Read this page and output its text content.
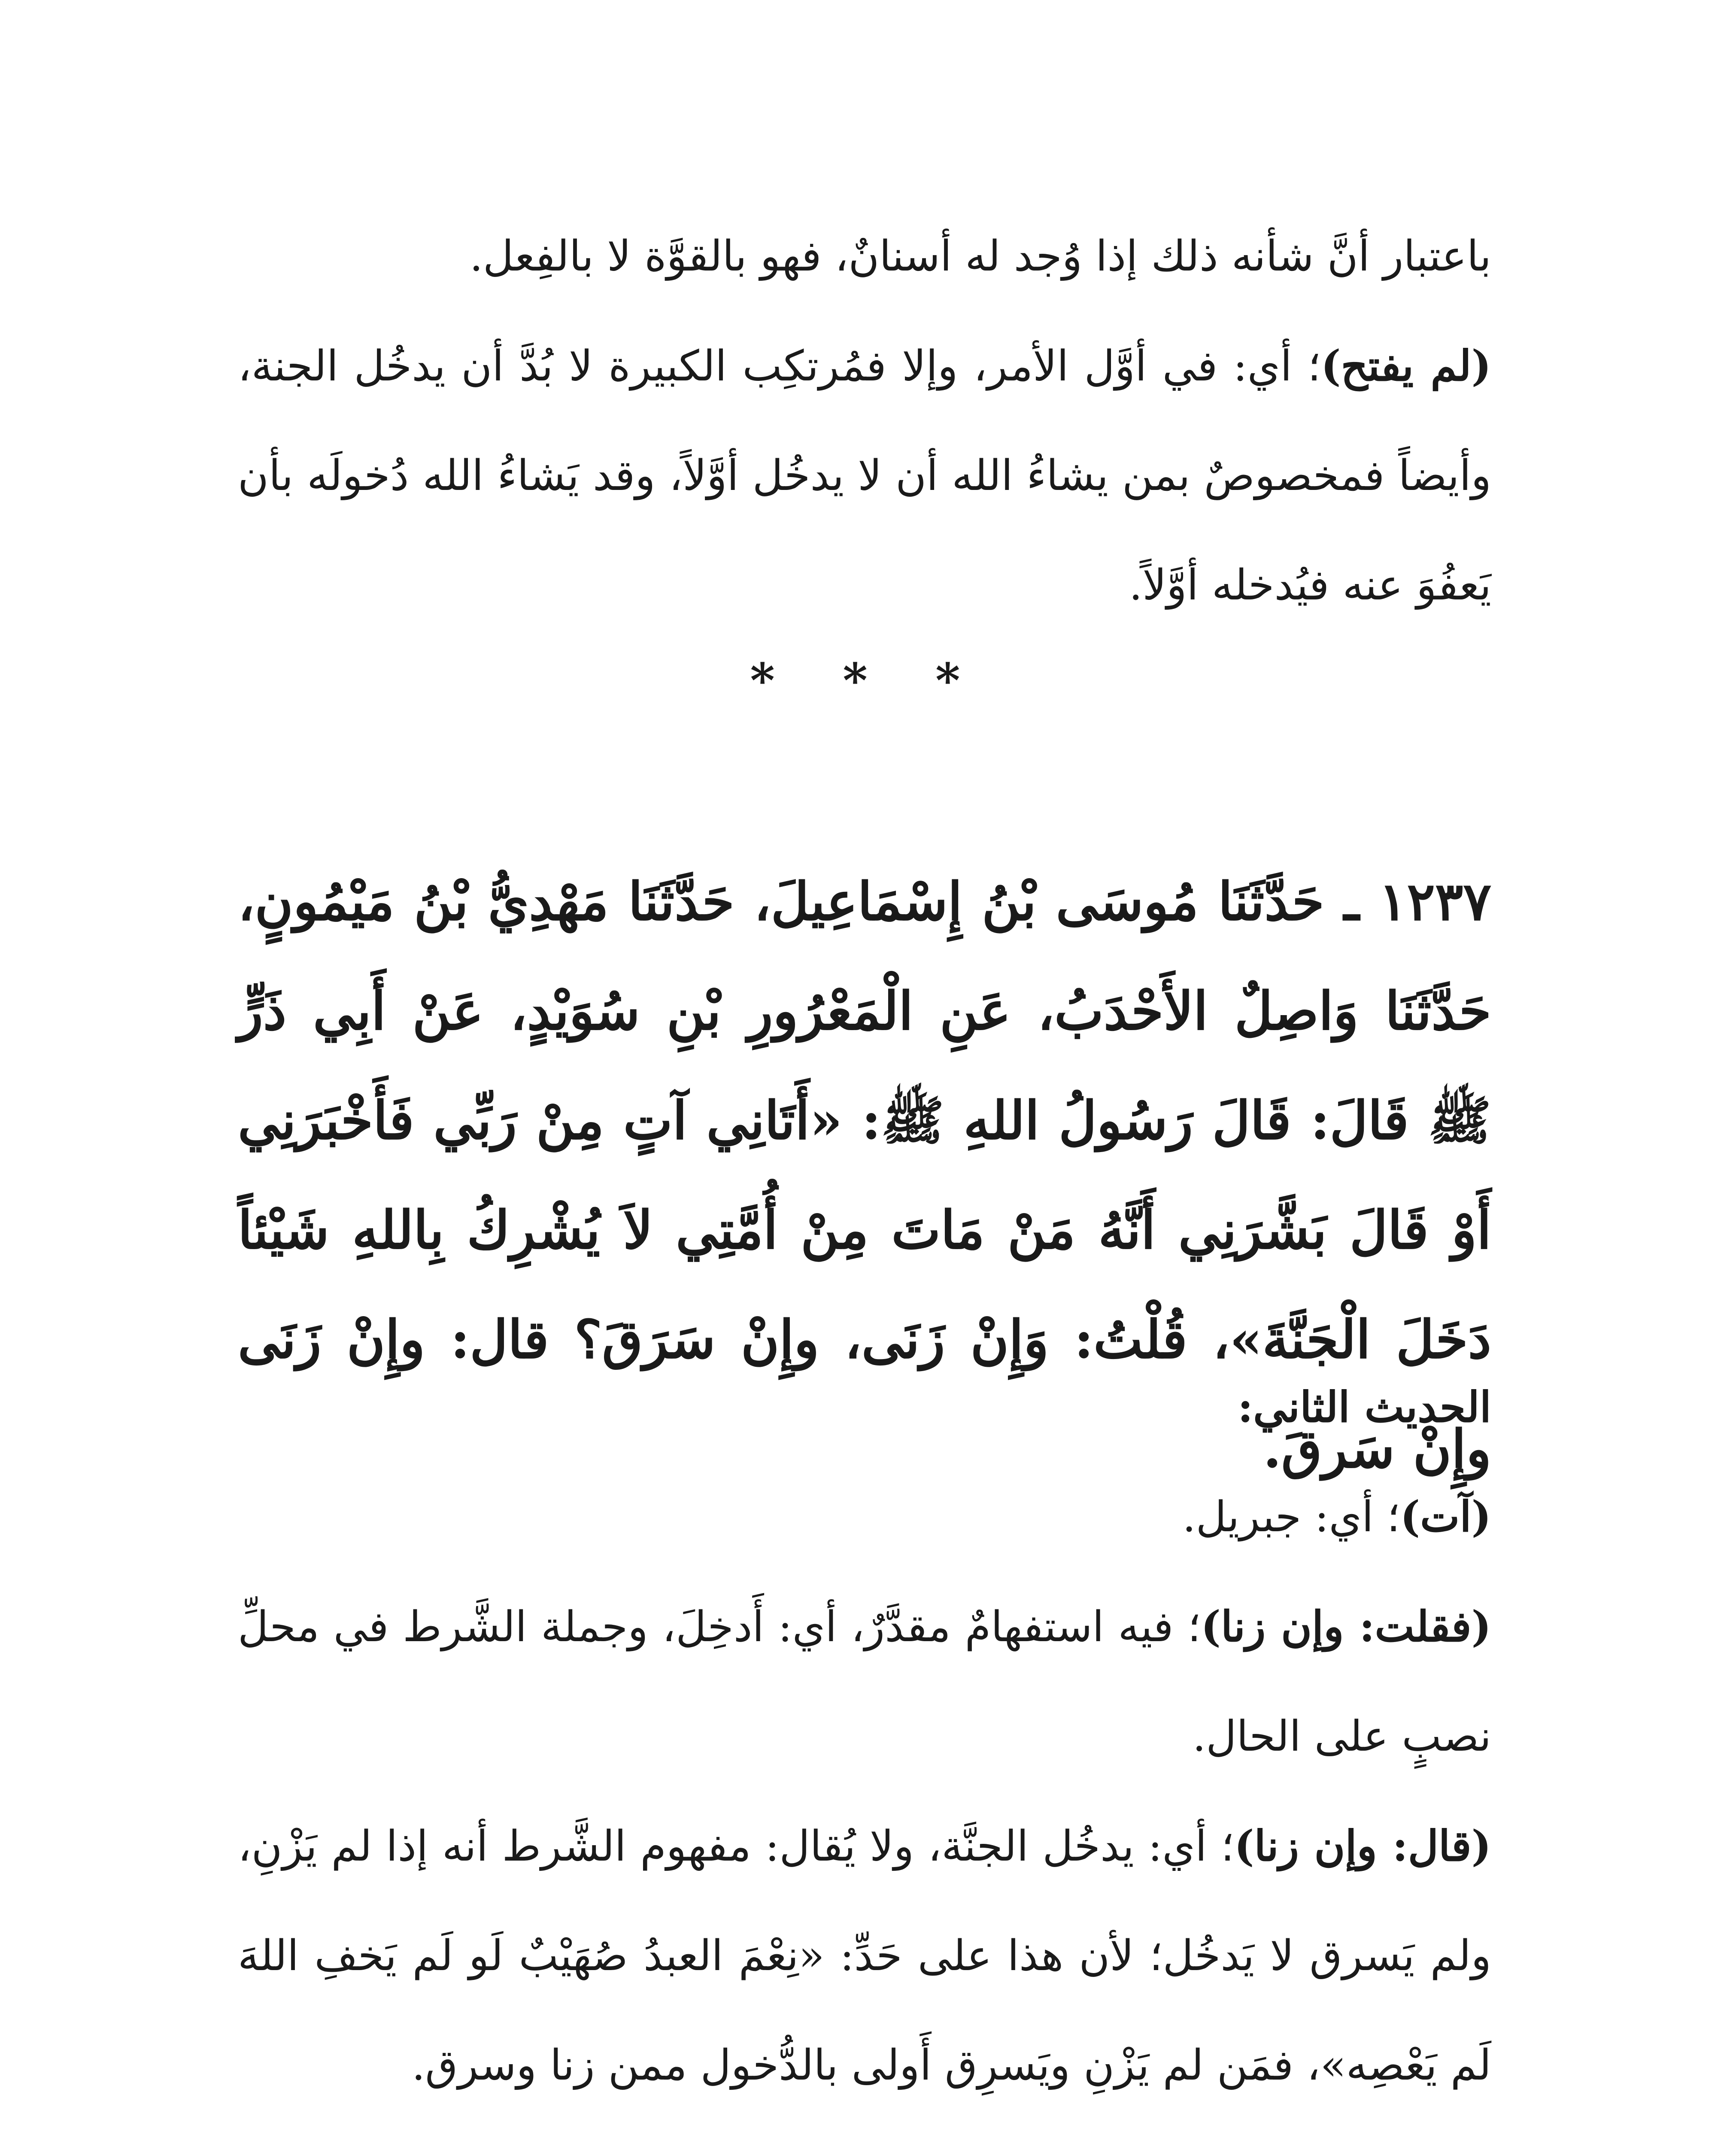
باعتبار أنَّ شأنه ذلك إذا وُجد له أسنانٌ، فهو بالقوَّة لا بالفِعل.

(لم يفتح)؛ أي: في أوَّل الأمر، وإلا فمُرتكِب الكبيرة لا بُدَّ أن يدخُل الجنة، وأيضاً فمخصوصٌ بمن يشاءُ الله أن لا يدخُل أوَّلاً، وقد يَشاءُ الله دُخولَه بأن يَعفُوَ عنه فيُدخله أوَّلاً.

* * *

١٢٣٧ ـ حَدَّثَنَا مُوسَى بْنُ إِسْمَاعِيلَ، حَدَّثَنَا مَهْدِيُّ بْنُ مَيْمُونٍ، حَدَّثَنَا وَاصِلٌ الأَحْدَبُ، عَنِ الْمَعْرُورِ بْنِ سُوَيْدٍ، عَنْ أَبِي ذَرٍّ ﷺ قَالَ: قَالَ رَسُولُ اللهِ ﷺ: «أَتَانِي آتٍ مِنْ رَبِّي فَأَخْبَرَنِي أَوْ قَالَ بَشَّرَنِي أَنَّهُ مَنْ مَاتَ مِنْ أُمَّتِي لاَ يُشْرِكُ بِاللهِ شَيْئاً دَخَلَ الْجَنَّةَ»، قُلْتُ: وَإِنْ زَنَى، وإِنْ سَرَقَ؟ قال: وإِنْ زَنَى وإِنْ سَرقَ.

الحديث الثاني:

(آت)؛ أي: جبريل.

(فقلت: وإن زنا)؛ فيه استفهامٌ مقدَّرٌ، أي: أَدخِلَ، وجملة الشَّرط في محلِّ نصبٍ على الحال.

(قال: وإن زنا)؛ أي: يدخُل الجنَّة، ولا يُقال: مفهوم الشَّرط أنه إذا لم يَزْنِ، ولم يَسرق لا يَدخُل؛ لأن هذا على حَدِّ: «نِعْمَ العبدُ صُهَيْبٌ لَو لَم يَخفِ اللهَ لَم يَعْصِه»، فمَن لم يَزْنِ ويَسرِق أَولى بالدُّخول ممن زنا وسرق.
